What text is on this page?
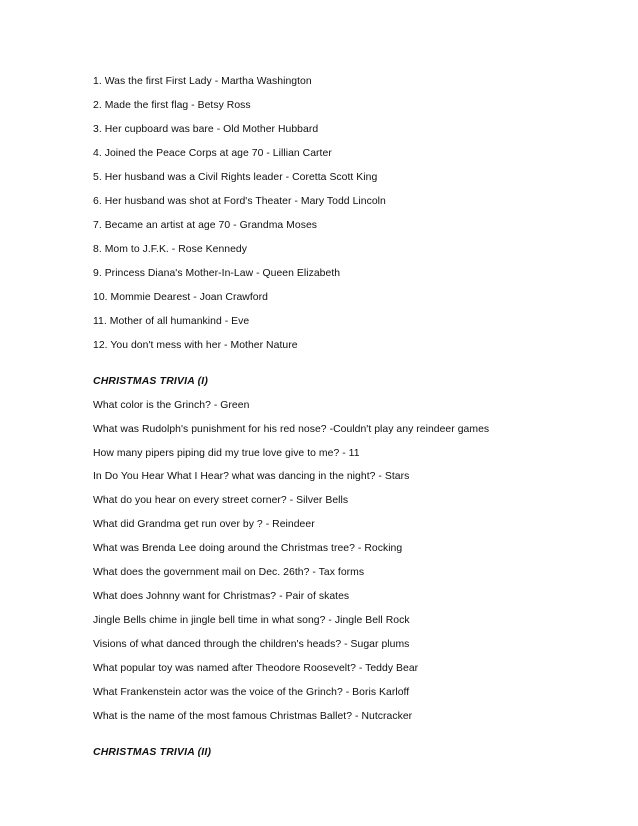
1. Was the first First Lady - Martha Washington
2. Made the first flag - Betsy Ross
3. Her cupboard was bare - Old Mother Hubbard
4. Joined the Peace Corps at age 70 - Lillian Carter
5. Her husband was a Civil Rights leader - Coretta Scott King
6. Her husband was shot at Ford's Theater - Mary Todd Lincoln
7. Became an artist at age 70 - Grandma Moses
8. Mom to J.F.K. - Rose Kennedy
9. Princess Diana's Mother-In-Law - Queen Elizabeth
10. Mommie Dearest - Joan Crawford
11. Mother of all humankind - Eve
12. You don't mess with her - Mother Nature
CHRISTMAS TRIVIA (I)
What color is the Grinch? - Green
What was Rudolph's punishment for his red nose? -Couldn't play any reindeer games
How many pipers piping did my true love give to me? - 11
In Do You Hear What I Hear? what was dancing in the night? - Stars
What do you hear on every street corner? - Silver Bells
What did Grandma get run over by ? - Reindeer
What was Brenda Lee doing around the Christmas tree? - Rocking
What does the government mail on Dec. 26th? - Tax forms
What does Johnny want for Christmas? - Pair of skates
Jingle Bells chime in jingle bell time in what song? - Jingle Bell Rock
Visions of what danced through the children's heads? - Sugar plums
What popular toy was named after Theodore Roosevelt? - Teddy Bear
What Frankenstein actor was the voice of the Grinch? - Boris Karloff
What is the name of the most famous Christmas Ballet? - Nutcracker
CHRISTMAS TRIVIA (II)
